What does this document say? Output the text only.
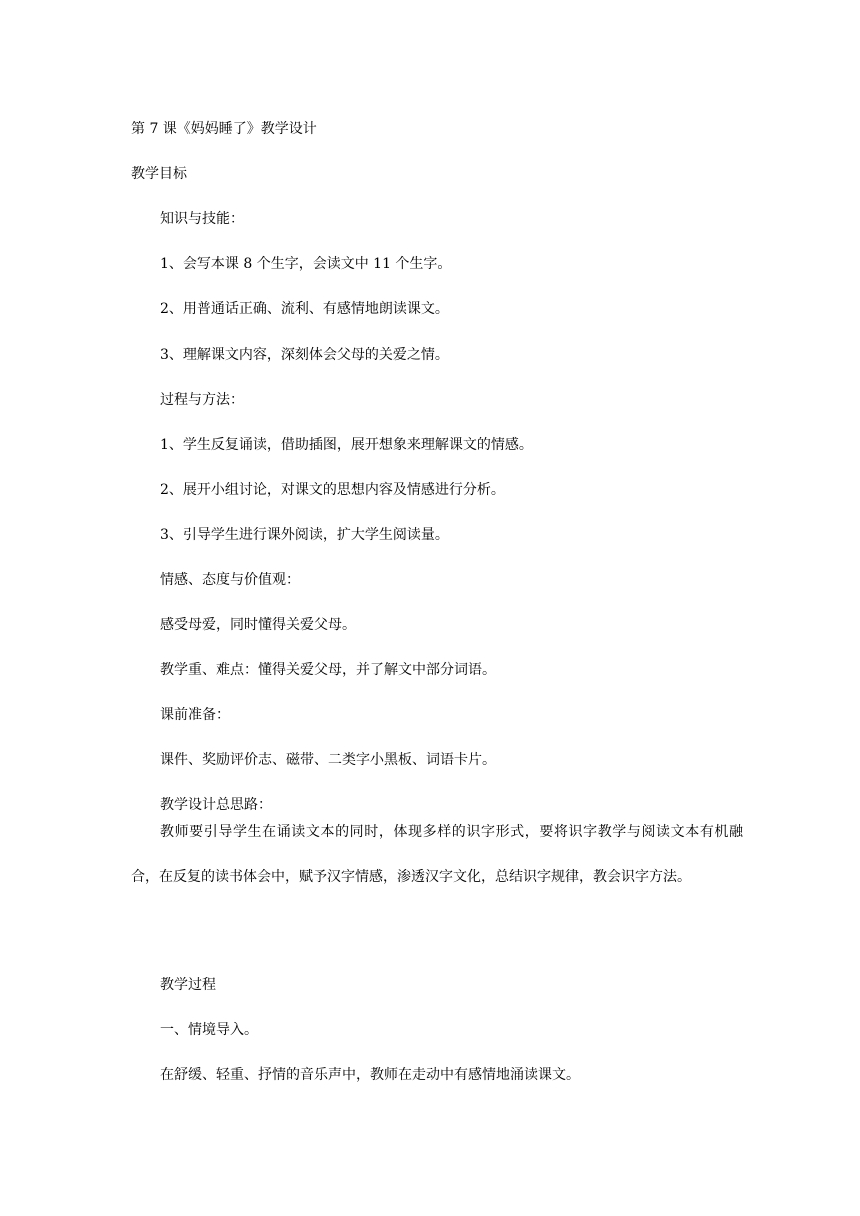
第 7 课《妈妈睡了》教学设计
教学目标
知识与技能：
1、会写本课 8 个生字，会读文中 11 个生字。
2、用普通话正确、流利、有感情地朗读课文。
3、理解课文内容，深刻体会父母的关爱之情。
过程与方法：
1、学生反复诵读，借助插图，展开想象来理解课文的情感。
2、展开小组讨论，对课文的思想内容及情感进行分析。
3、引导学生进行课外阅读，扩大学生阅读量。
情感、态度与价值观：
感受母爱，同时懂得关爱父母。
教学重、难点：懂得关爱父母，并了解文中部分词语。
课前准备：
课件、奖励评价志、磁带、二类字小黑板、词语卡片。
教学设计总思路：
教师要引导学生在诵读文本的同时，体现多样的识字形式，要将识字教学与阅读文本有机融合，在反复的读书体会中，赋予汉字情感，渗透汉字文化，总结识字规律，教会识字方法。
教学过程
一、情境导入。
在舒缓、轻重、抒情的音乐声中，教师在走动中有感情地涌读课文。
